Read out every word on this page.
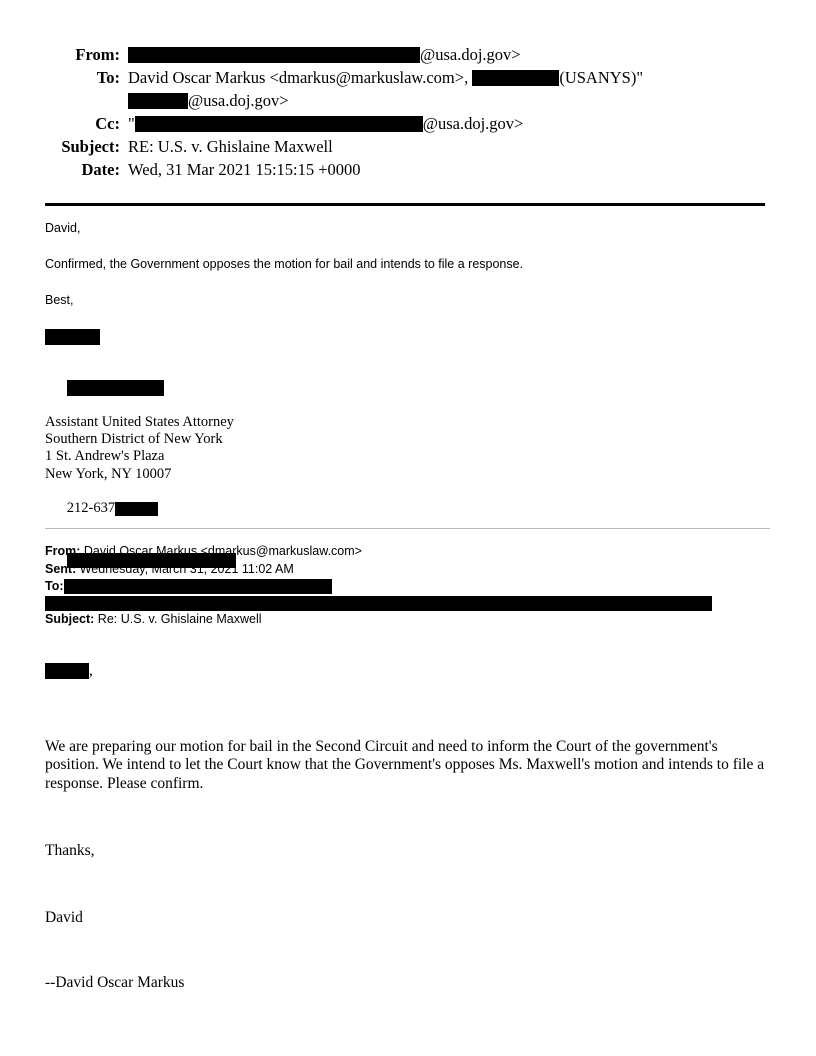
From:	@usa.doj.gov>
To: David Oscar Markus <dmarkus@markuslaw.com>,	(USANYS)"
@usa.doj.gov>
Cc: "	@usa.doj.gov>
Subject: RE: U.S. v. Ghislaine Maxwell
Date: Wed, 31 Mar 2021 15:15:15 +0000

David,

Confirmed, the Government opposes the motion for bail and intends to file a response.

Best,

Assistant United States Attorney
Southern District of New York
1 St. Andrew's Plaza
New York, NY 10007

212-637

From:
David Oscar Markus <dmarkus@markuslaw.com>
Sent:
Wednesday, March 31, 2021 11:02 AM
To:
Subject:
Re: U.S. v. Ghislaine Maxwell
,

We are preparing our motion for bail in the Second Circuit and need to inform the Court of the government's position. We intend to let the Court know that the Government's opposes Ms. Maxwell's motion and intends to file a response. Please confirm.

Thanks,

David

--David Oscar Markus
